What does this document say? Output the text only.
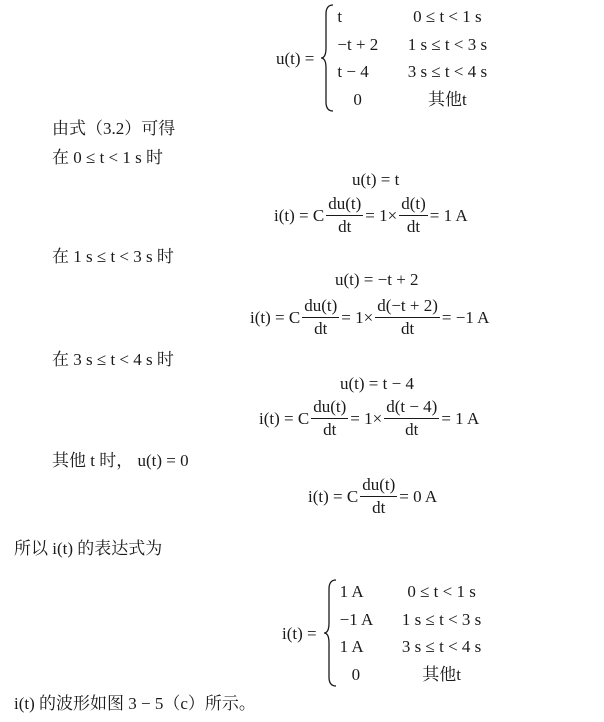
u(t) =
t	0 ≤ t < 1 s
−t + 2	1 s ≤ t < 3 s
t − 4	3 s ≤ t < 4 s
0	其他t
由式（3.2）可得
在 0 ≤ t < 1 s 时
u(t) = t
i(t) = C $\frac{du(t)}{dt} = 1\times \frac{d(t)}{dt} = 1$ A
在 1 s ≤ t < 3 s 时
u(t) = −t + 2
i(t) = C $\frac{du(t)}{dt} = 1\times \frac{d(-t + 2)}{dt} = -1$ A
在 3 s ≤ t < 4 s 时
u(t) = t − 4
i(t) = C $\frac{du(t)}{dt} = 1\times \frac{d(t - 4)}{dt} = 1$ A
其他 t 时， u(t) = 0
i(t) = C $\frac{du(t)}{dt} = 0$ A
所以 i(t) 的表达式为
i(t) =
1 A	0 ≤ t < 1 s
−1 A	1 s ≤ t < 3 s
1 A	3 s ≤ t < 4 s
0	其他t
i(t) 的波形如图 3 − 5（c）所示。
